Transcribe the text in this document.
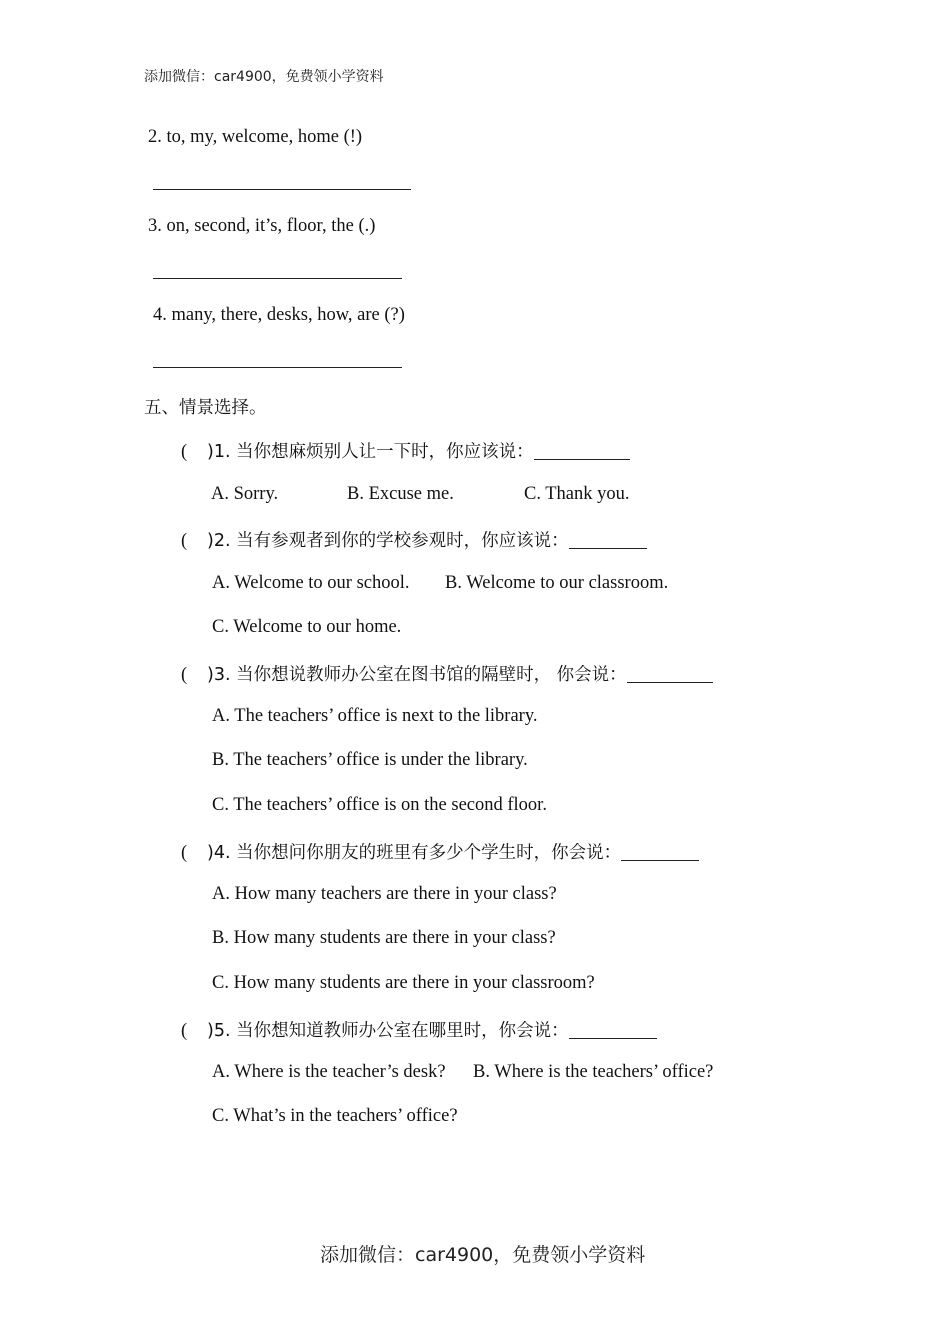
添加微信：car4900，免费领小学资料
2. to, my, welcome, home (!)
3. on, second, it’s, floor, the (.)
4. many, there, desks, how, are (?)
五、情景选择。
( )1. 当你想麻烦别人让一下时，你应该说：
A. Sorry.	B. Excuse me.	C. Thank you.
( )2. 当有参观者到你的学校参观时，你应该说：
A. Welcome to our school. B. Welcome to our classroom.
C. Welcome to our home.
( )3. 当你想说教师办公室在图书馆的隔壁时， 你会说：
A. The teachers’ office is next to the library.
B. The teachers’ office is under the library.
C. The teachers’ office is on the second floor.
( )4. 当你想问你朋友的班里有多少个学生时，你会说：
A. How many teachers are there in your class?
B. How many students are there in your class?
C. How many students are there in your classroom?
( )5. 当你想知道教师办公室在哪里时，你会说：
A. Where is the teacher’s desk? B. Where is the teachers’ office?
C. What’s in the teachers’ office?
添加微信：car4900，免费领小学资料
